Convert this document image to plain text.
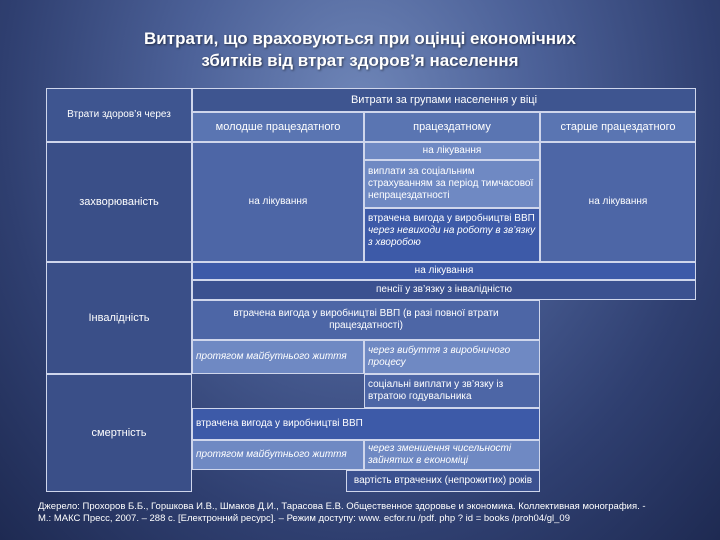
Витрати, що враховуються при оцінці економічних
збитків від втрат здоров’я населення
Втрати здоров’я через
Витрати за групами населення у віці
молодше працездатного	працездатному	старше працездатного
захворюваність
на лікування
на лікування
виплати за соціальним страхуванням за період тимчасової непрацездатності
втрачена вигода у виробництві ВВП через невиходи на роботу в зв’язку з хворобою
на лікування
Інвалідність
на лікування
пенсії у зв’язку з інвалідністю
втрачена вигода у виробництві ВВП (в разі повної втрати працездатності)
протягом майбутнього життя
через вибуття з виробничого процесу
смертність
соціальні виплати у зв’язку із втратою годувальника
втрачена вигода у виробництві ВВП
протягом майбутнього життя
через зменшення чисельності зайнятих в економіці
вартість втрачених (непрожитих) років
Джерело: Прохоров Б.Б., Горшкова И.В., Шмаков Д.И., Тарасова Е.В. Общественное здоровье и экономика. Коллективная монография. -
М.: МАКС Пресс, 2007. – 288 с. [Електронний ресурс]. – Режим доступу: www. ecfor.ru /pdf. php ? id = books /proh04/gl_09
